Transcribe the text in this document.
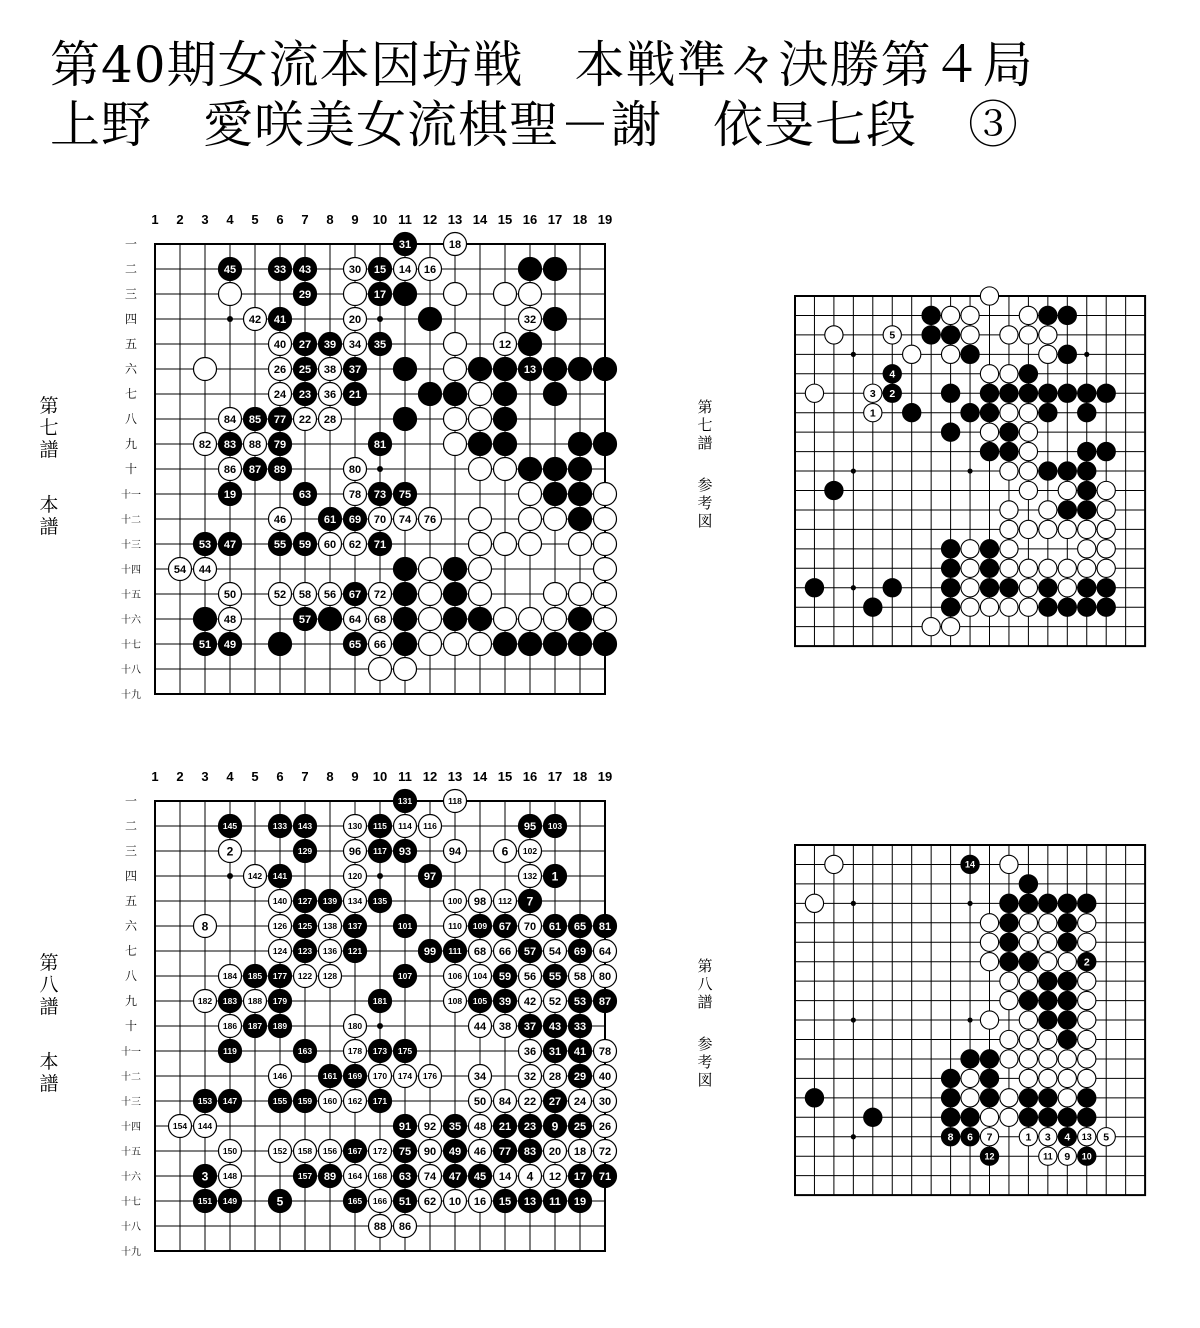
第40期女流本因坊戦　本戦準々決勝第４局
上野　愛咲美女流棋聖－謝　依旻七段　③
1 2 3 4 5 6 7 8 9 10 11 12 13 14 15 16 17 18 19
一
二
三
四
五
六
七
八
九
十
十一
十二
十三
十四
十五
十六
十七
十八
十九
31	18
45	33 43	30 15 14 16
29	17
42 41	20	32
40 27 39 34 35	12
26 25 38 37	13
24 23 36 21
84 85 77 22 28
82 83 88 79	81
86 87 89	80
19	63	78 73 75
46	61 69 70 74 76
53 47	55 59 60 62 71
54 44
50	52 58 56 67 72
48	57	64 68
51 49	65 66
1 2 3 4 5 6 7 8 9 10 11 12 13 14 15 16 17 18 19
一
二
三
四
五
六
七
八
九
十
十一
十二
十三
十四
十五
十六
十七
十八
十九
131	118
145	133 143	130 115 114 116	95 103
2	129	96 117 93	94	6 102
142 141	120	97	132 1
140 127 139 134 135	100 98 112 7
8	126 125 138 137	101	110 109 67 70 61 65 81
124 123 136 121	99 111 68 66 57 54 69 64
184 185 177 122 128	107	106 104 59 56 55 58 80
182 183 188 179	181	108 105 39 42 52 53 87
186 187 189	180	44 38 37 43 33
119	163	178 173 175	36 31 41 78
146	161 169 170 174 176	34	32 28 29 40
153 147	155 159 160 162 171	50 84 22 27 24 30
154 144	91 92 35 48 21 23 9 25 26
150	152 158 156 167 172 75 90 49 46 77 83 20 18 72
3 148	157 89 164 168 63 74 47 45 14 4 12 17 71
151 149	5	165 166 51 62 10 16 15 13 11 19
88 86
5
4
3 2
1
14
2
8 6 7	1 3 4 13 5
12	11 9 10
第七譜
本譜
第八譜
本譜
第七譜
参考図
第八譜
参考図
